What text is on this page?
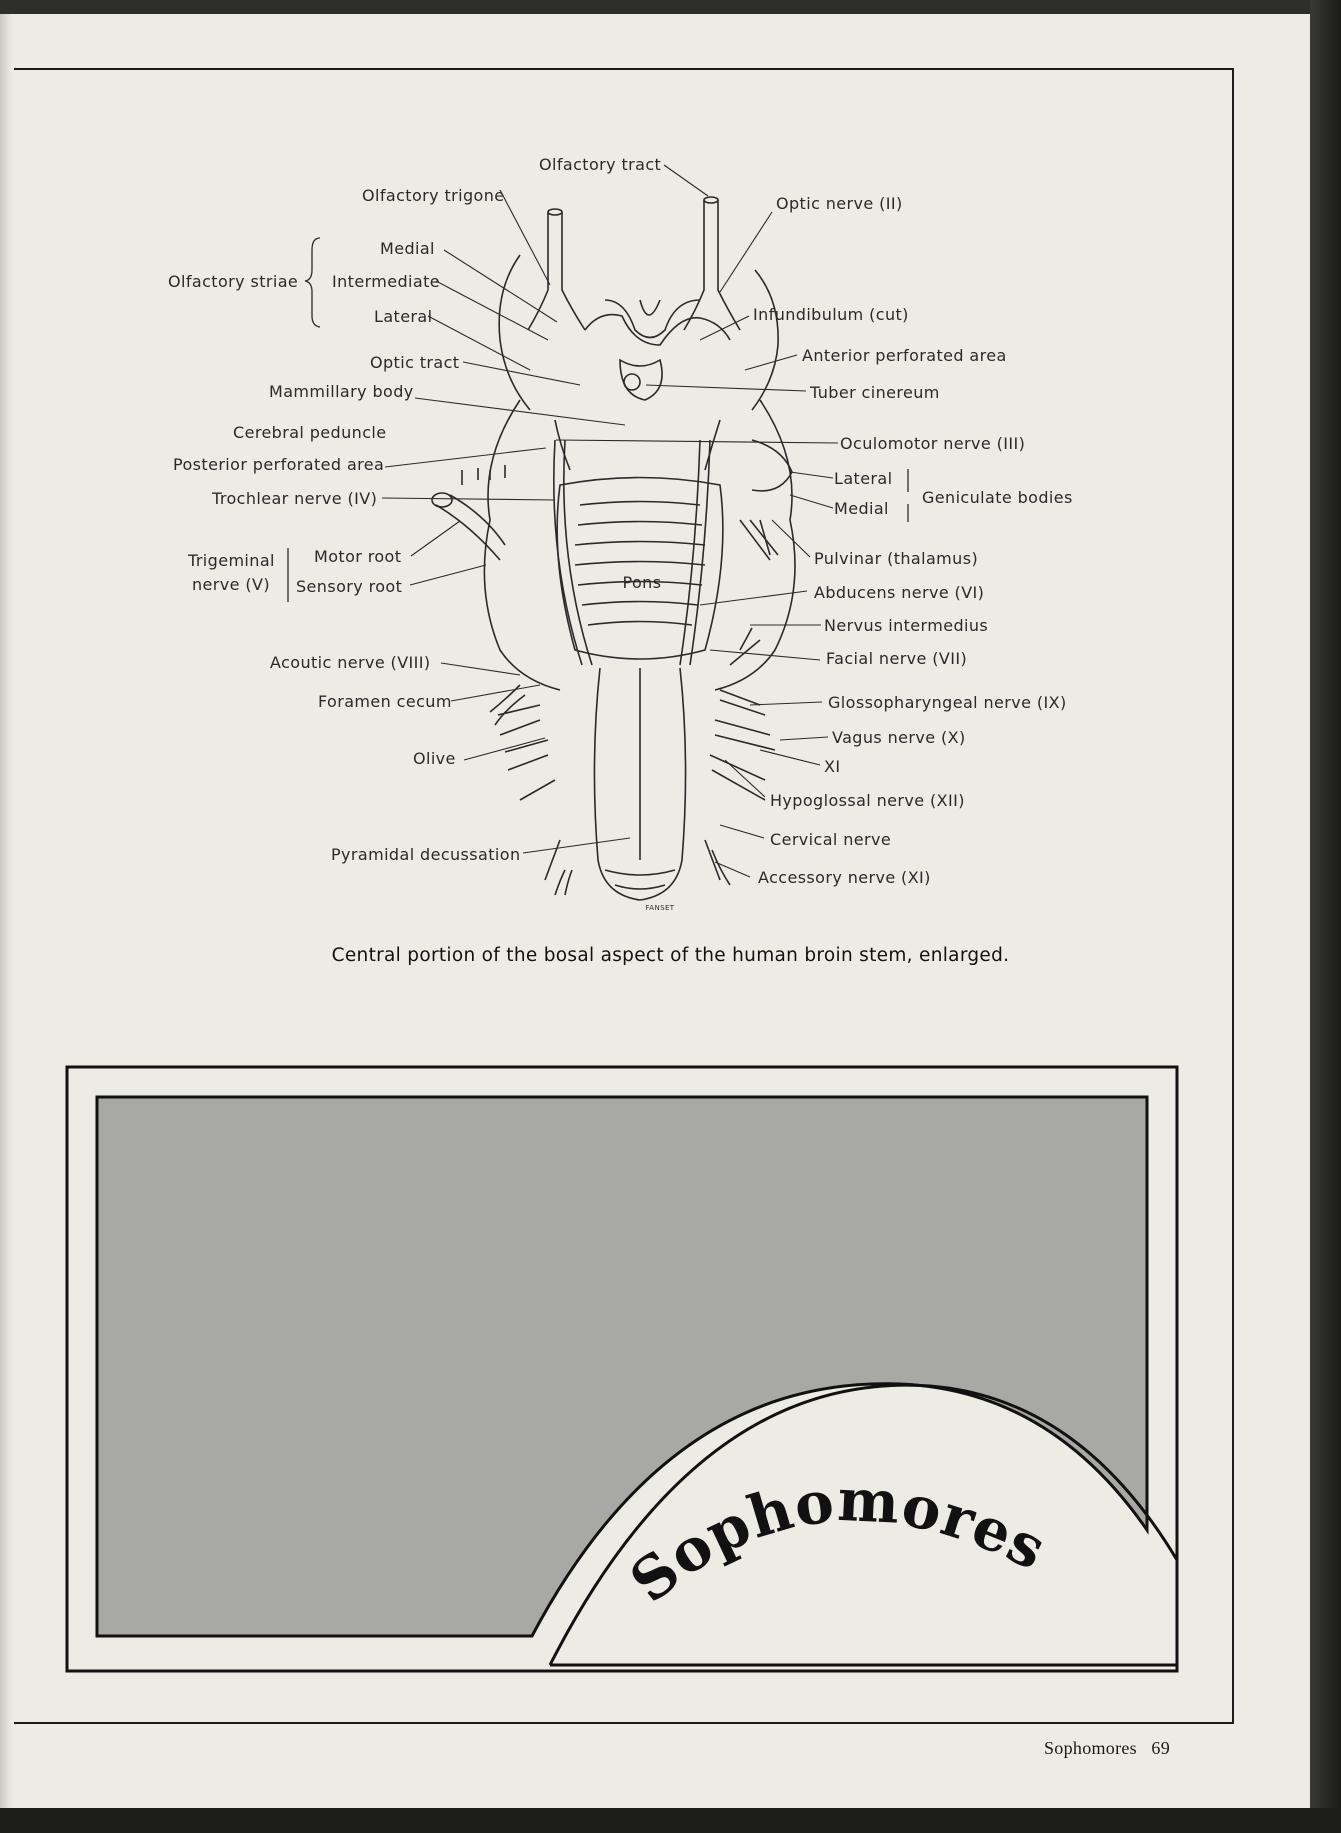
Pons
FANSET
Olfactory tract
Olfactory trigone	Optic nerve (II)
Olfactory striae
Medial
Intermediate
Lateral	Infundibulum (cut)
Anterior perforated area
Optic tract
Tuber cinereum
Mammillary body
Cerebral peduncle
Oculomotor nerve (III)
Posterior perforated area
Lateral
Medial
Geniculate bodies
Trochlear nerve (IV)
Pulvinar (thalamus)
Trigeminal
nerve (V)
Motor root
Sensory root	Abducens nerve (VI)
Nervus intermedius
Acoutic nerve (VIII)	Facial nerve (VII)
Foramen cecum	Glossopharyngeal nerve (IX)
Vagus nerve (X)
Olive	XI
Hypoglossal nerve (XII)
Cervical nerve
Pyramidal decussation
Accessory nerve (XI)
Central portion of the bosal aspect of the human broin stem, enlarged.
Sophomores
Sophomores 69
